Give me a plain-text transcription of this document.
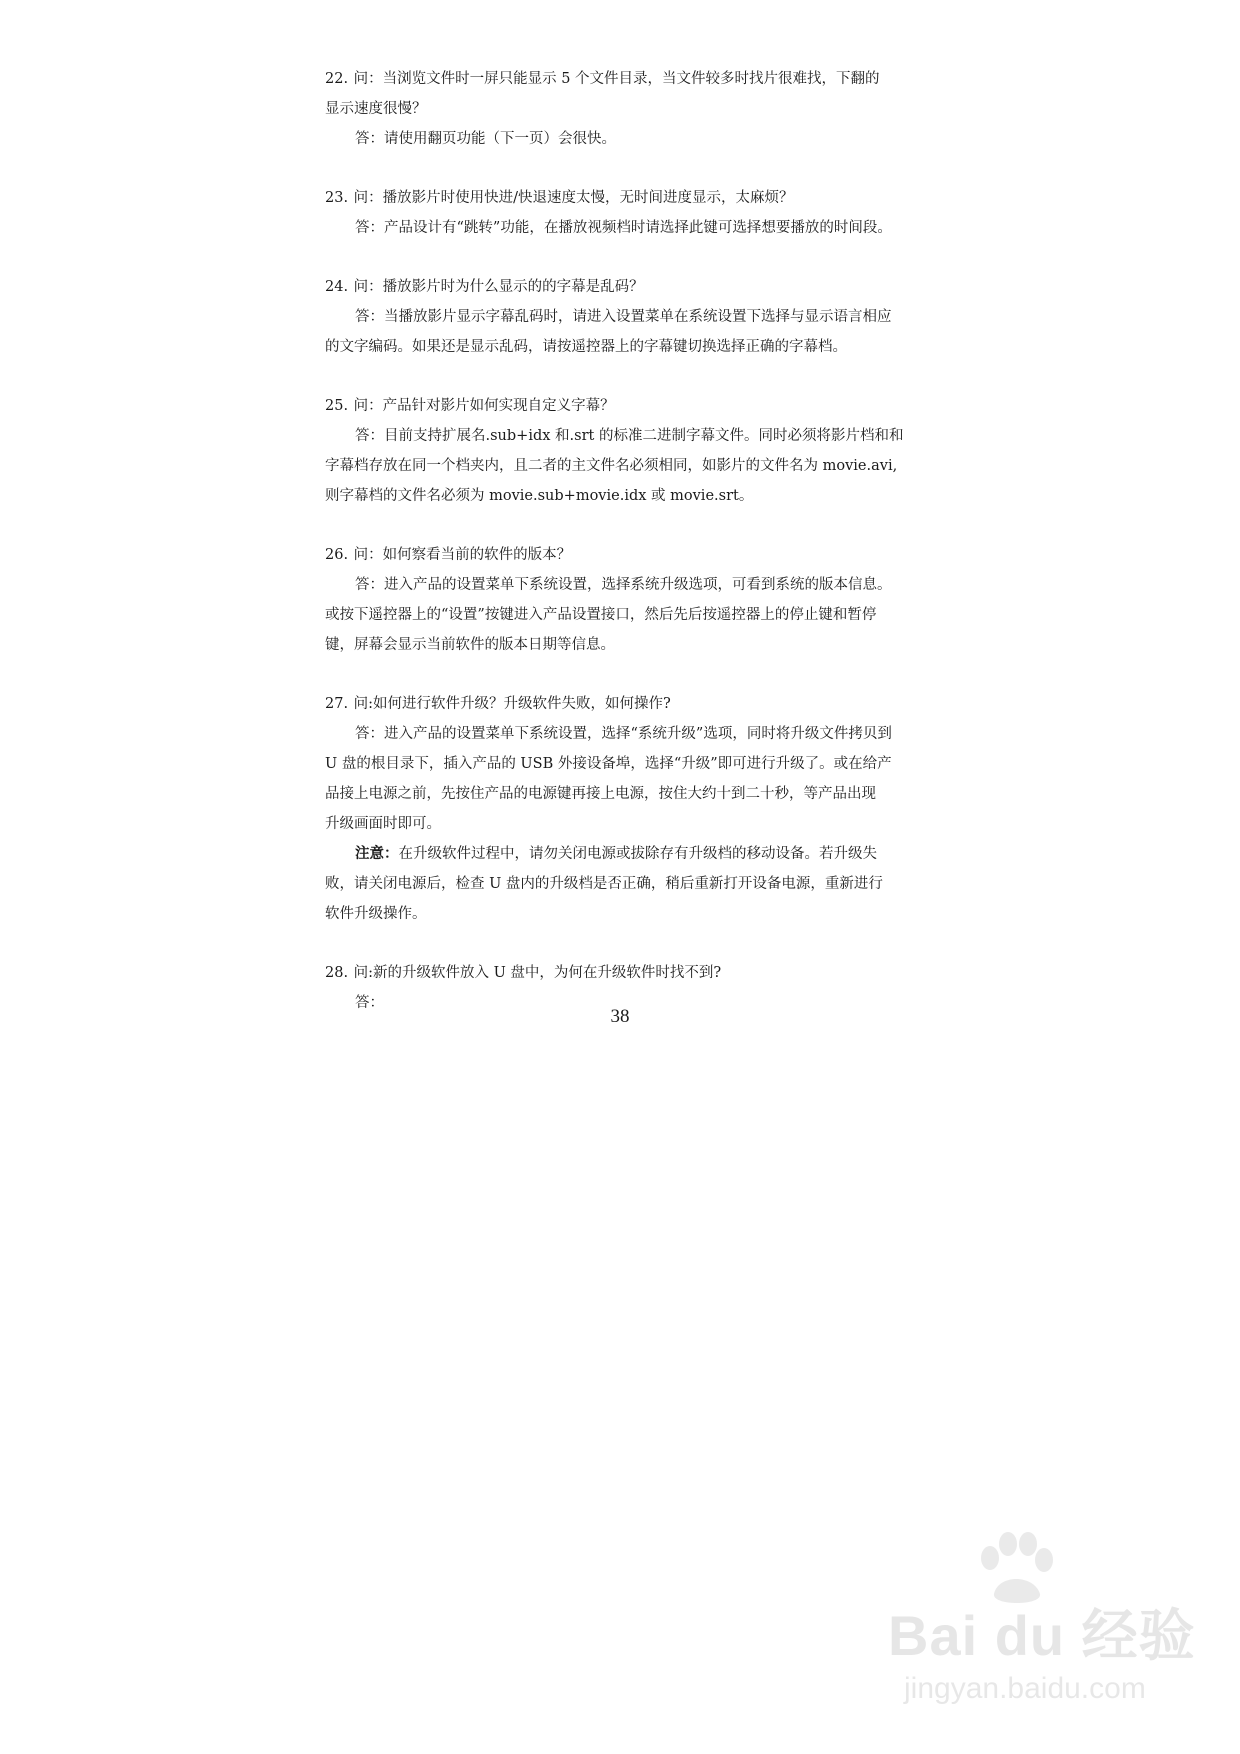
22. 问：当浏览文件时一屏只能显示 5 个文件目录，当文件较多时找片很难找，下翻的
显示速度很慢？
答：请使用翻页功能（下一页）会很快。
23. 问：播放影片时使用快进/快退速度太慢，无时间进度显示，太麻烦？
答：产品设计有“跳转”功能，在播放视频档时请选择此键可选择想要播放的时间段。
24. 问：播放影片时为什么显示的的字幕是乱码？
答：当播放影片显示字幕乱码时，请进入设置菜单在系统设置下选择与显示语言相应
的文字编码。如果还是显示乱码，请按遥控器上的字幕键切换选择正确的字幕档。
25. 问：产品针对影片如何实现自定义字幕？
答：目前支持扩展名.sub+idx 和.srt 的标准二进制字幕文件。同时必须将影片档和和
字幕档存放在同一个档夹内，且二者的主文件名必须相同，如影片的文件名为 movie.avi,
则字幕档的文件名必须为 movie.sub+movie.idx 或 movie.srt。
26. 问：如何察看当前的软件的版本？
答：进入产品的设置菜单下系统设置，选择系统升级选项，可看到系统的版本信息。
或按下遥控器上的“设置”按键进入产品设置接口，然后先后按遥控器上的停止键和暂停
键，屏幕会显示当前软件的版本日期等信息。
27. 问:如何进行软件升级？升级软件失败，如何操作?
答：进入产品的设置菜单下系统设置，选择“系统升级”选项，同时将升级文件拷贝到
U 盘的根目录下，插入产品的 USB 外接设备埠，选择“升级”即可进行升级了。或在给产
品接上电源之前，先按住产品的电源键再接上电源，按住大约十到二十秒，等产品出现
升级画面时即可。
注意：在升级软件过程中，请勿关闭电源或拔除存有升级档的移动设备。若升级失
败，请关闭电源后，检查 U 盘内的升级档是否正确，稍后重新打开设备电源，重新进行
软件升级操作。
28. 问:新的升级软件放入 U 盘中，为何在升级软件时找不到?
答：
38
Bai du 经验
jingyan.baidu.com
